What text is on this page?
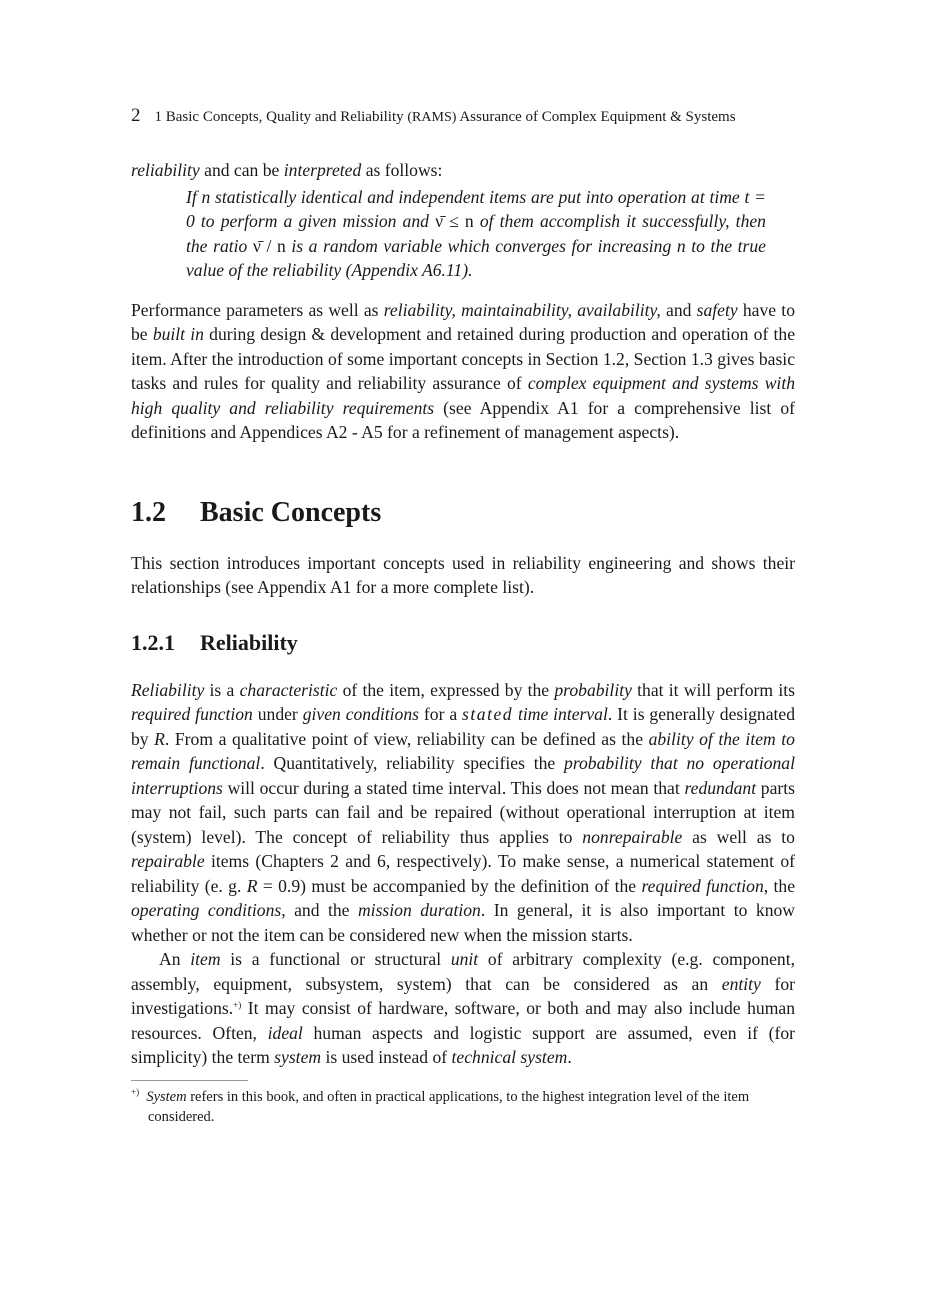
2 1 Basic Concepts, Quality and Reliability (RAMS) Assurance of Complex Equipment & Systems

reliability and can be interpreted as follows:

If n statistically identical and independent items are put into operation at time t = 0 to perform a given mission and ν̄ ≤ n of them accomplish it successfully, then the ratio ν̄ / n is a random variable which converges for increasing n to the true value of the reliability (Appendix A6.11).

Performance parameters as well as reliability, maintainability, availability, and safety have to be built in during design & development and retained during production and operation of the item. After the introduction of some important concepts in Section 1.2, Section 1.3 gives basic tasks and rules for quality and reliability assurance of complex equipment and systems with high quality and reliability requirements (see Appendix A1 for a comprehensive list of definitions and Appendices A2 - A5 for a refinement of management aspects).

1.2 Basic Concepts

This section introduces important concepts used in reliability engineering and shows their relationships (see Appendix A1 for a more complete list).

1.2.1 Reliability

Reliability is a characteristic of the item, expressed by the probability that it will perform its required function under given conditions for a stated time interval. It is generally designated by R. From a qualitative point of view, reliability can be defined as the ability of the item to remain functional. Quantitatively, reliability specifies the probability that no operational interruptions will occur during a stated time interval. This does not mean that redundant parts may not fail, such parts can fail and be repaired (without operational interruption at item (system) level). The concept of reliability thus applies to nonrepairable as well as to repairable items (Chapters 2 and 6, respectively). To make sense, a numerical statement of reliability (e. g. R = 0.9) must be accompanied by the definition of the required function, the operating conditions, and the mission duration. In general, it is also important to know whether or not the item can be considered new when the mission starts.

An item is a functional or structural unit of arbitrary complexity (e.g. component, assembly, equipment, subsystem, system) that can be considered as an entity for investigations.+) It may consist of hardware, software, or both and may also include human resources. Often, ideal human aspects and logistic support are assumed, even if (for simplicity) the term system is used instead of technical system.

+) System refers in this book, and often in practical applications, to the highest integration level of the item considered.
